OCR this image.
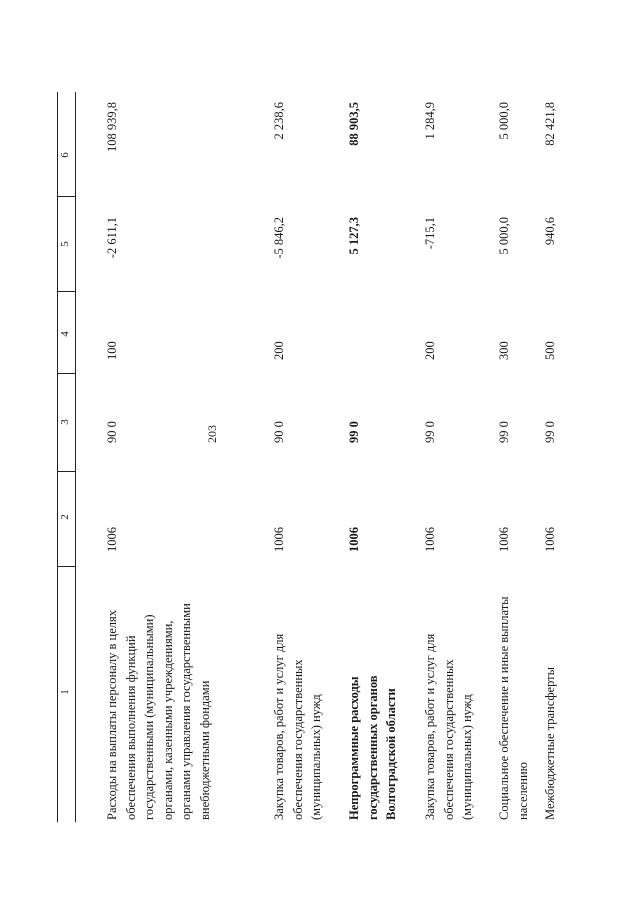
203
1
2
3
4
5
6
Расходы на выплаты персоналу в целях обеспечения выполнения функций государственными (муниципальными) органами, казенными учреждениями, органами управления государственными внебюджетными фондами
1006
90 0
100
-2 611,1
108 939,8
Закупка товаров, работ и услуг для обеспечения государственных (муниципальных) нужд
1006
90 0
200
-5 846,2
2 238,6
Непрограммные расходы государственных органов Волгоградской области
1006
99 0
5 127,3
88 903,5
Закупка товаров, работ и услуг для обеспечения государственных (муниципальных) нужд
1006
99 0
200
-715,1
1 284,9
Социальное обеспечение и иные выплаты населению
1006
99 0
300
5 000,0
5 000,0
Межбюджетные трансферты
1006
99 0
500
940,6
82 421,8
